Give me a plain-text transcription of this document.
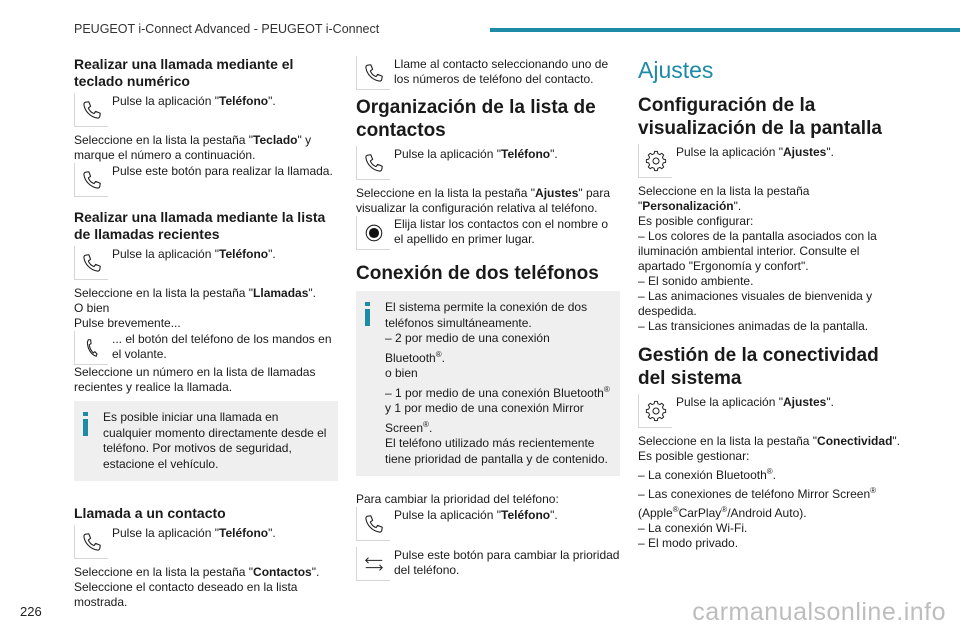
PEUGEOT i-Connect Advanced - PEUGEOT i-Connect
Realizar una llamada mediante el teclado numérico
Pulse la aplicación "Teléfono".

Seleccione en la lista la pestaña "Teclado" y marque el número a continuación.

Pulse este botón para realizar la llamada.
Realizar una llamada mediante la lista de llamadas recientes
Pulse la aplicación "Teléfono".

Seleccione en la lista la pestaña "Llamadas".

O bien

Pulse brevemente...

... el botón del teléfono de los mandos en el volante.

Seleccione un número en la lista de llamadas recientes y realice la llamada.

Es posible iniciar una llamada en cualquier momento directamente desde el teléfono. Por motivos de seguridad, estacione el vehículo.
Llamada a un contacto
Pulse la aplicación "Teléfono".

Seleccione en la lista la pestaña "Contactos".

Seleccione el contacto deseado en la lista mostrada.

Llame al contacto seleccionando uno de los números de teléfono del contacto.
Organización de la lista de contactos
Pulse la aplicación "Teléfono".

Seleccione en la lista la pestaña "Ajustes" para visualizar la configuración relativa al teléfono.

Elija listar los contactos con el nombre o el apellido en primer lugar.
Conexión de dos teléfonos
El sistema permite la conexión de dos teléfonos simultáneamente.
– 2 por medio de una conexión Bluetooth®.
o bien
– 1 por medio de una conexión Bluetooth® y 1 por medio de una conexión Mirror Screen®.
El teléfono utilizado más recientemente tiene prioridad de pantalla y de contenido.

Para cambiar la prioridad del teléfono:

Pulse la aplicación "Teléfono".
Pulse este botón para cambiar la prioridad del teléfono.
Ajustes
Configuración de la visualización de la pantalla
Pulse la aplicación "Ajustes".

Seleccione en la lista la pestaña

"Personalización".

Es posible configurar:

– Los colores de la pantalla asociados con la iluminación ambiental interior. Consulte el apartado "Ergonomía y confort".

– El sonido ambiente.

– Las animaciones visuales de bienvenida y despedida.

– Las transiciones animadas de la pantalla.

Gestión de la conectividad del sistema
Pulse la aplicación "Ajustes".

Seleccione en la lista la pestaña "Conectividad".

Es posible gestionar:

– La conexión Bluetooth®.

– Las conexiones de teléfono Mirror Screen® (Apple®CarPlay®/Android Auto).

– La conexión Wi-Fi.

– El modo privado.

226	carmanualsonline.info
